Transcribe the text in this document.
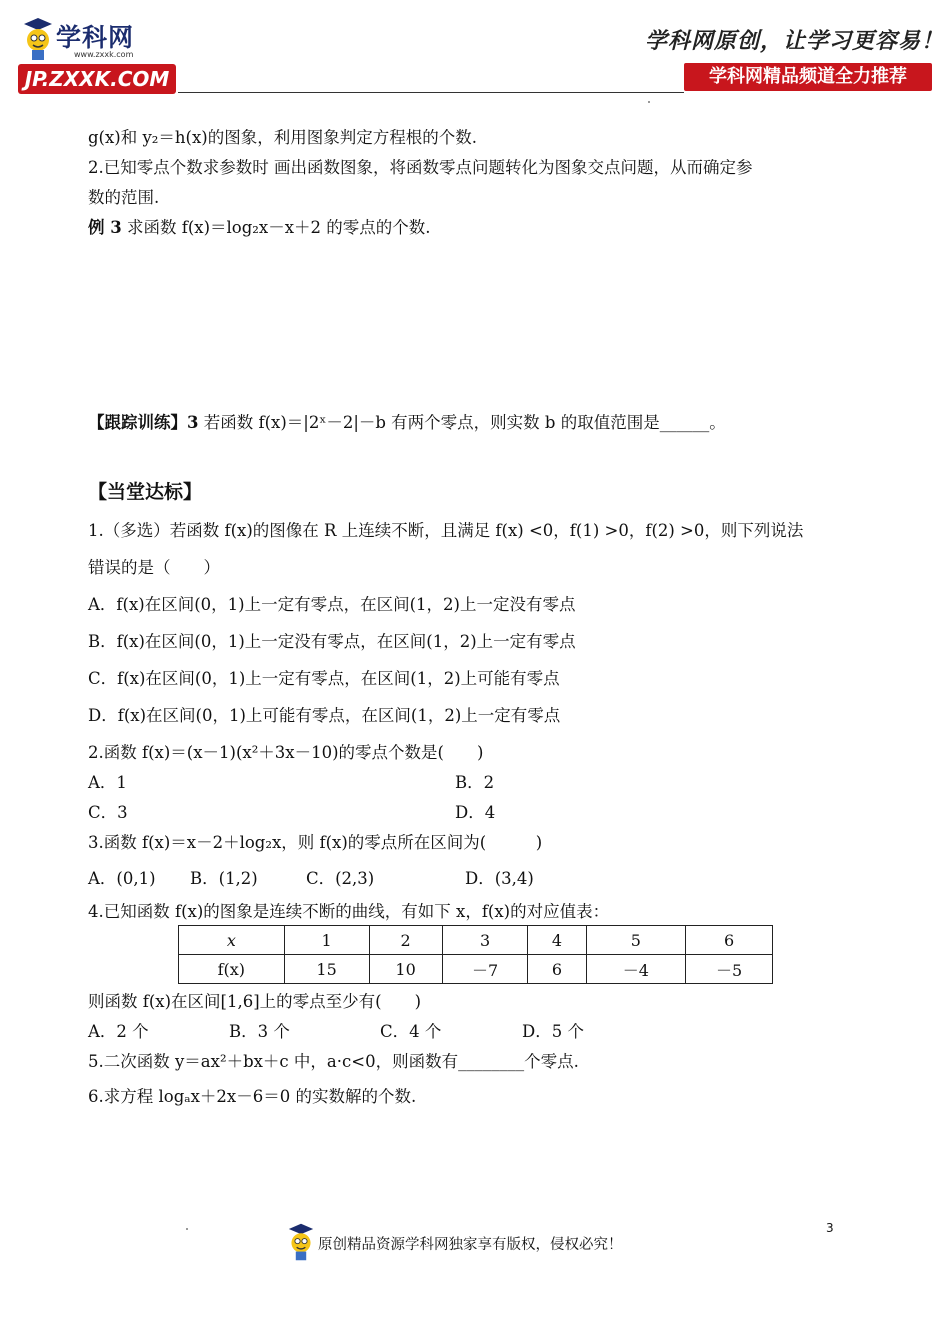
学科网
www.zxxk.com
JP.ZXXK.COM
学科网原创，让学习更容易！
学科网精品频道全力推荐
g(x)和 y₂＝h(x)的图象，利用图象判定方程根的个数.
2.已知零点个数求参数时 画出函数图象，将函数零点问题转化为图象交点问题，从而确定参
数的范围.
例 3 求函数 f(x)＝log₂x－x＋2 的零点的个数.
【跟踪训练】3 若函数 f(x)＝|2ˣ－2|－b 有两个零点，则实数 b 的取值范围是______。
【当堂达标】
1.（多选）若函数 f(x)的图像在 R 上连续不断，且满足 f(x) <0，f(1) >0，f(2) >0，则下列说法
错误的是（　　）
A．f(x)在区间(0，1)上一定有零点，在区间(1，2)上一定没有零点
B．f(x)在区间(0，1)上一定没有零点，在区间(1，2)上一定有零点
C．f(x)在区间(0，1)上一定有零点，在区间(1，2)上可能有零点
D．f(x)在区间(0，1)上可能有零点，在区间(1，2)上一定有零点
2.函数 f(x)＝(x－1)(x²＋3x－10)的零点个数是(　　)
A．1	B．2
C．3	D．4
3.函数 f(x)＝x－2＋log₂x，则 f(x)的零点所在区间为(　　　)
A．(0,1) B．(1,2)	C．(2,3)	D．(3,4)
4.已知函数 f(x)的图象是连续不断的曲线，有如下 x，f(x)的对应值表：
x	1	2	3	4	5	6
f(x)	15	10	－7	6	－4	－5
则函数 f(x)在区间[1,6]上的零点至少有(　　)
A．2 个	B．3 个	C．4 个	D．5 个
5.二次函数 y＝ax²＋bx＋c 中，a·c<0，则函数有________个零点.
6.求方程 logₐx＋2x－6＝0 的实数解的个数.
3
原创精品资源学科网独家享有版权，侵权必究！
